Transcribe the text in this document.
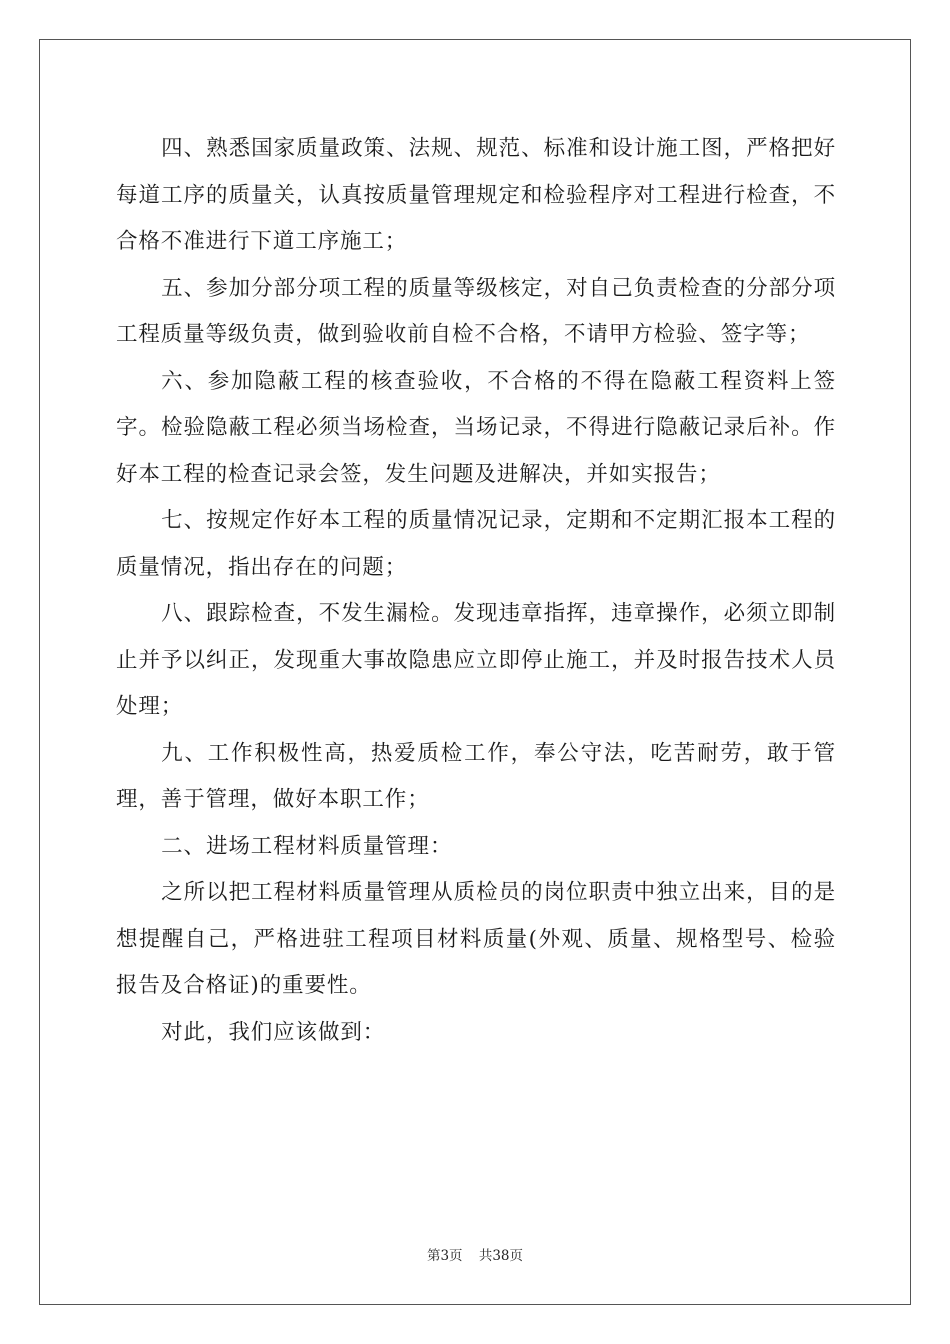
四、熟悉国家质量政策、法规、规范、标准和设计施工图，严格把好每道工序的质量关，认真按质量管理规定和检验程序对工程进行检查，不合格不准进行下道工序施工；

五、参加分部分项工程的质量等级核定，对自己负责检查的分部分项工程质量等级负责，做到验收前自检不合格，不请甲方检验、签字等；

六、参加隐蔽工程的核查验收，不合格的不得在隐蔽工程资料上签字。检验隐蔽工程必须当场检查，当场记录，不得进行隐蔽记录后补。作好本工程的检查记录会签，发生问题及进解决，并如实报告；

七、按规定作好本工程的质量情况记录，定期和不定期汇报本工程的质量情况，指出存在的问题；

八、跟踪检查，不发生漏检。发现违章指挥，违章操作，必须立即制止并予以纠正，发现重大事故隐患应立即停止施工，并及时报告技术人员处理；

九、工作积极性高，热爱质检工作，奉公守法，吃苦耐劳，敢于管理，善于管理，做好本职工作；

二、进场工程材料质量管理：

之所以把工程材料质量管理从质检员的岗位职责中独立出来，目的是想提醒自己，严格进驻工程项目材料质量(外观、质量、规格型号、检验报告及合格证)的重要性。

对此，我们应该做到：

第3页 共38页
